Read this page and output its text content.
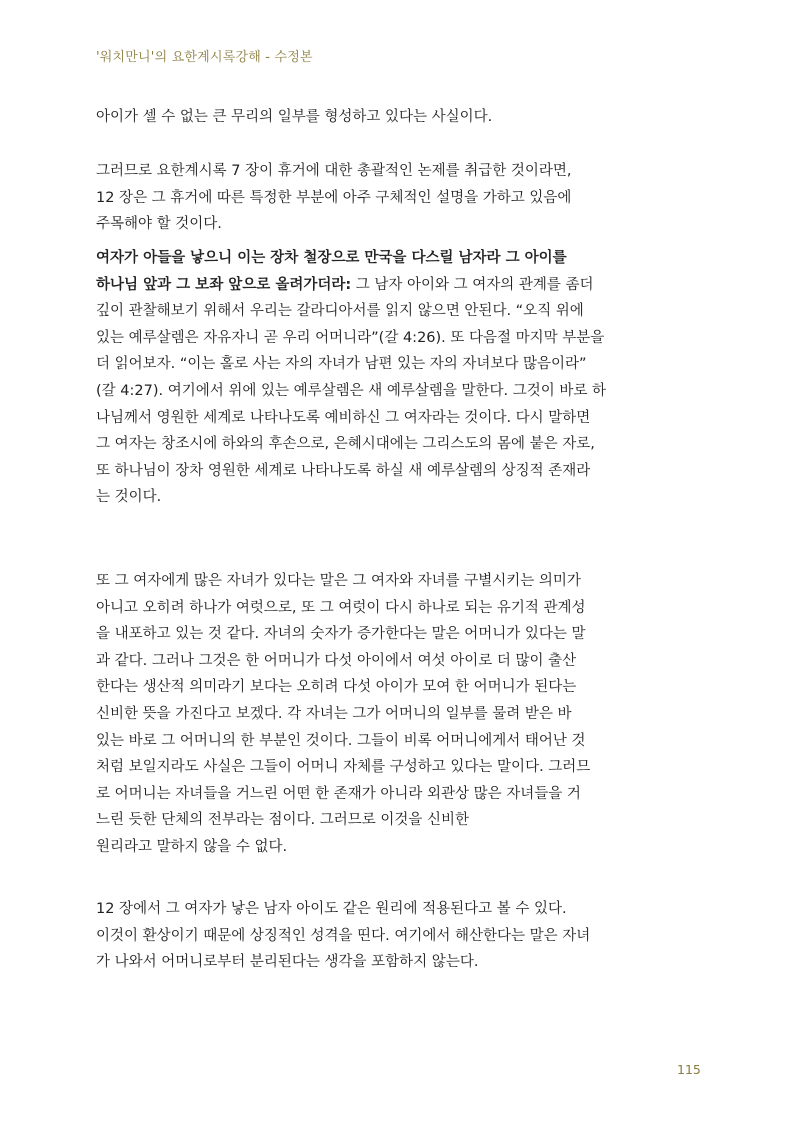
'워치만니'의 요한계시록강해 - 수정본
아이가 셀 수 없는 큰 무리의 일부를 형성하고 있다는 사실이다.
그러므로 요한계시록 7 장이 휴거에 대한 총괄적인 논제를 취급한 것이라면,
12 장은 그 휴거에 따른 특정한 부분에 아주 구체적인 설명을 가하고 있음에
주목해야 할 것이다.
여자가 아들을 낳으니 이는 장차 철장으로 만국을 다스릴 남자라 그 아이를
하나님 앞과 그 보좌 앞으로 올려가더라: 그 남자 아이와 그 여자의 관계를 좀더
깊이 관찰해보기 위해서 우리는 갈라디아서를 읽지 않으면 안된다. “오직 위에
있는 예루살렘은 자유자니 곧 우리 어머니라”(갈 4:26). 또 다음절 마지막 부분을
더 읽어보자. “이는 홀로 사는 자의 자녀가 남편 있는 자의 자녀보다 많음이라”
(갈 4:27). 여기에서 위에 있는 예루살렘은 새 예루살렘을 말한다. 그것이 바로 하
나님께서 영원한 세계로 나타나도록 예비하신 그 여자라는 것이다. 다시 말하면
그 여자는 창조시에 하와의 후손으로, 은혜시대에는 그리스도의 몸에 붙은 자로,
또 하나님이 장차 영원한 세계로 나타나도록 하실 새 예루살렘의 상징적 존재라
는 것이다.
또 그 여자에게 많은 자녀가 있다는 말은 그 여자와 자녀를 구별시키는 의미가
아니고 오히려 하나가 여럿으로, 또 그 여럿이 다시 하나로 되는 유기적 관계성
을 내포하고 있는 것 같다. 자녀의 숫자가 증가한다는 말은 어머니가 있다는 말
과 같다. 그러나 그것은 한 어머니가 다섯 아이에서 여섯 아이로 더 많이 출산
한다는 생산적 의미라기 보다는 오히려 다섯 아이가 모여 한 어머니가 된다는
신비한 뜻을 가진다고 보겠다. 각 자녀는 그가 어머니의 일부를 물려 받은 바
있는 바로 그 어머니의 한 부분인 것이다. 그들이 비록 어머니에게서 태어난 것
처럼 보일지라도 사실은 그들이 어머니 자체를 구성하고 있다는 말이다. 그러므
로 어머니는 자녀들을 거느린 어떤 한 존재가 아니라 외관상 많은 자녀들을 거
느린 듯한 단체의 전부라는 점이다. 그러므로 이것을 신비한
원리라고 말하지 않을 수 없다.
12 장에서 그 여자가 낳은 남자 아이도 같은 원리에 적용된다고 볼 수 있다.
이것이 환상이기 때문에 상징적인 성격을 띤다. 여기에서 해산한다는 말은 자녀
가 나와서 어머니로부터 분리된다는 생각을 포함하지 않는다.
115
